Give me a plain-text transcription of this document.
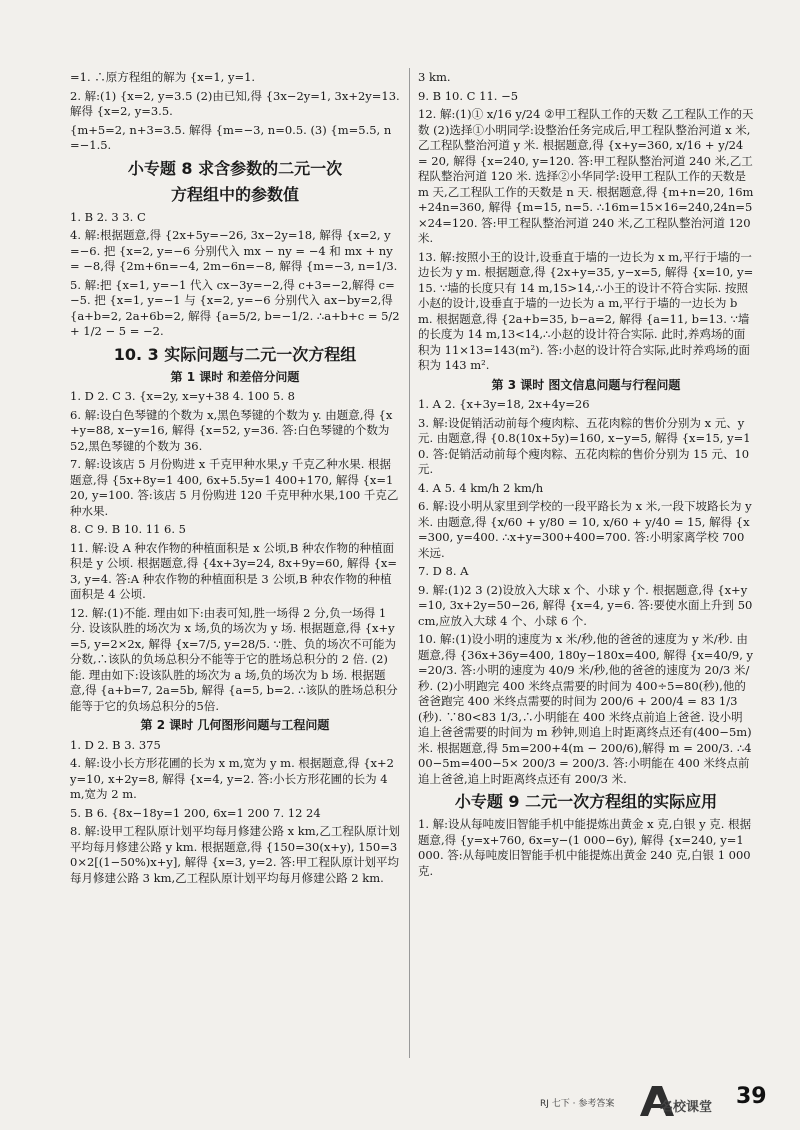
=1. ∴原方程组的解为 {x=1, y=1.
2. 解:(1) {x=2, y=3.5 (2)由已知,得 {3x−2y=1, 3x+2y=13. 解得 {x=2, y=3.5.
{m+5=2, n+3=3.5. 解得 {m=−3, n=0.5. (3) {m=5.5, n=−1.5.
小专题 8 求含参数的二元一次
方程组中的参数值
1. B 2. 3 3. C
4. 解:根据题意,得 {2x+5y=−26, 3x−2y=18, 解得 {x=2, y=−6. 把 {x=2, y=−6 分别代入 mx − ny = −4 和 mx + ny = −8,得 {2m+6n=−4, 2m−6n=−8, 解得 {m=−3, n=1/3.
5. 解:把 {x=1, y=−1 代入 cx−3y=−2,得 c+3=−2,解得 c=−5. 把 {x=1, y=−1 与 {x=2, y=−6 分别代入 ax−by=2,得 {a+b=2, 2a+6b=2, 解得 {a=5/2, b=−1/2. ∴a+b+c = 5/2 + 1/2 − 5 = −2.
10. 3 实际问题与二元一次方程组
第 1 课时 和差倍分问题
1. D 2. C 3. {x=2y, x=y+38 4. 100 5. 8
6. 解:设白色琴键的个数为 x,黑色琴键的个数为 y. 由题意,得 {x+y=88, x−y=16, 解得 {x=52, y=36. 答:白色琴键的个数为 52,黑色琴键的个数为 36.
7. 解:设该店 5 月份购进 x 千克甲种水果,y 千克乙种水果. 根据题意,得 {5x+8y=1 400, 6x+5.5y=1 400+170, 解得 {x=120, y=100. 答:该店 5 月份购进 120 千克甲种水果,100 千克乙种水果.
8. C 9. B 10. 11 6. 5
11. 解:设 A 种农作物的种植面积是 x 公顷,B 种农作物的种植面积是 y 公顷. 根据题意,得 {4x+3y=24, 8x+9y=60, 解得 {x=3, y=4. 答:A 种农作物的种植面积是 3 公顷,B 种农作物的种植面积是 4 公顷.
12. 解:(1)不能. 理由如下:由表可知,胜一场得 2 分,负一场得 1 分. 设该队胜的场次为 x 场,负的场次为 y 场. 根据题意,得 {x+y=5, y=2×2x, 解得 {x=7/5, y=28/5. ∵胜、负的场次不可能为分数,∴该队的负场总积分不能等于它的胜场总积分的 2 倍. (2)能. 理由如下:设该队胜的场次为 a 场,负的场次为 b 场. 根据题意,得 {a+b=7, 2a=5b, 解得 {a=5, b=2. ∴该队的胜场总积分能等于它的负场总积分的5倍.
第 2 课时 几何图形问题与工程问题
1. D 2. B 3. 375
4. 解:设小长方形花圃的长为 x m,宽为 y m. 根据题意,得 {x+2y=10, x+2y=8, 解得 {x=4, y=2. 答:小长方形花圃的长为 4 m,宽为 2 m.
5. B 6. {8x−18y=1 200, 6x=1 200 7. 12 24
8. 解:设甲工程队原计划平均每月修建公路 x km,乙工程队原计划平均每月修建公路 y km. 根据题意,得 {150=30(x+y), 150=30×2[(1−50%)x+y], 解得 {x=3, y=2. 答:甲工程队原计划平均每月修建公路 3 km,乙工程队原计划平均每月修建公路 2 km.
3 km.
9. B 10. C 11. −5
12. 解:(1)① x/16 y/24 ②甲工程队工作的天数 乙工程队工作的天数 (2)选择①小明同学:设整治任务完成后,甲工程队整治河道 x 米,乙工程队整治河道 y 米. 根据题意,得 {x+y=360, x/16 + y/24 = 20, 解得 {x=240, y=120. 答:甲工程队整治河道 240 米,乙工程队整治河道 120 米. 选择②小华同学:设甲工程队工作的天数是 m 天,乙工程队工作的天数是 n 天. 根据题意,得 {m+n=20, 16m+24n=360, 解得 {m=15, n=5. ∴16m=15×16=240,24n=5×24=120. 答:甲工程队整治河道 240 米,乙工程队整治河道 120 米.
13. 解:按照小王的设计,设垂直于墙的一边长为 x m,平行于墙的一边长为 y m. 根据题意,得 {2x+y=35, y−x=5, 解得 {x=10, y=15. ∵墙的长度只有 14 m,15>14,∴小王的设计不符合实际. 按照小赵的设计,设垂直于墙的一边长为 a m,平行于墙的一边长为 b m. 根据题意,得 {2a+b=35, b−a=2, 解得 {a=11, b=13. ∵墙的长度为 14 m,13<14,∴小赵的设计符合实际. 此时,养鸡场的面积为 11×13=143(m²). 答:小赵的设计符合实际,此时养鸡场的面积为 143 m².
第 3 课时 图文信息问题与行程问题
1. A 2. {x+3y=18, 2x+4y=26
3. 解:设促销活动前每个瘦肉粽、五花肉粽的售价分别为 x 元、y 元. 由题意,得 {0.8(10x+5y)=160, x−y=5, 解得 {x=15, y=10. 答:促销活动前每个瘦肉粽、五花肉粽的售价分别为 15 元、10 元.
4. A 5. 4 km/h 2 km/h
6. 解:设小明从家里到学校的一段平路长为 x 米,一段下坡路长为 y 米. 由题意,得 {x/60 + y/80 = 10, x/60 + y/40 = 15, 解得 {x=300, y=400. ∴x+y=300+400=700. 答:小明家离学校 700 米远.
7. D 8. A
9. 解:(1)2 3 (2)设放入大球 x 个、小球 y 个. 根据题意,得 {x+y=10, 3x+2y=50−26, 解得 {x=4, y=6. 答:要使水面上升到 50 cm,应放入大球 4 个、小球 6 个.
10. 解:(1)设小明的速度为 x 米/秒,他的爸爸的速度为 y 米/秒. 由题意,得 {36x+36y=400, 180y−180x=400, 解得 {x=40/9, y=20/3. 答:小明的速度为 40/9 米/秒,他的爸爸的速度为 20/3 米/秒. (2)小明跑完 400 米终点需要的时间为 400÷5=80(秒),他的爸爸跑完 400 米终点需要的时间为 200/6 + 200/4 = 83 1/3(秒). ∵80<83 1/3,∴小明能在 400 米终点前追上爸爸. 设小明追上爸爸需要的时间为 m 秒钟,则追上时距离终点还有(400−5m)米. 根据题意,得 5m=200+4(m − 200/6),解得 m = 200/3. ∴400−5m=400−5× 200/3 = 200/3. 答:小明能在 400 米终点前追上爸爸,追上时距离终点还有 200/3 米.
小专题 9 二元一次方程组的实际应用
1. 解:设从每吨废旧智能手机中能提炼出黄金 x 克,白银 y 克. 根据题意,得 {y=x+760, 6x=y−(1 000−6y), 解得 {x=240, y=1 000. 答:从每吨废旧智能手机中能提炼出黄金 240 克,白银 1 000 克.
RJ 七下 · 参考答案	名校课堂 39
